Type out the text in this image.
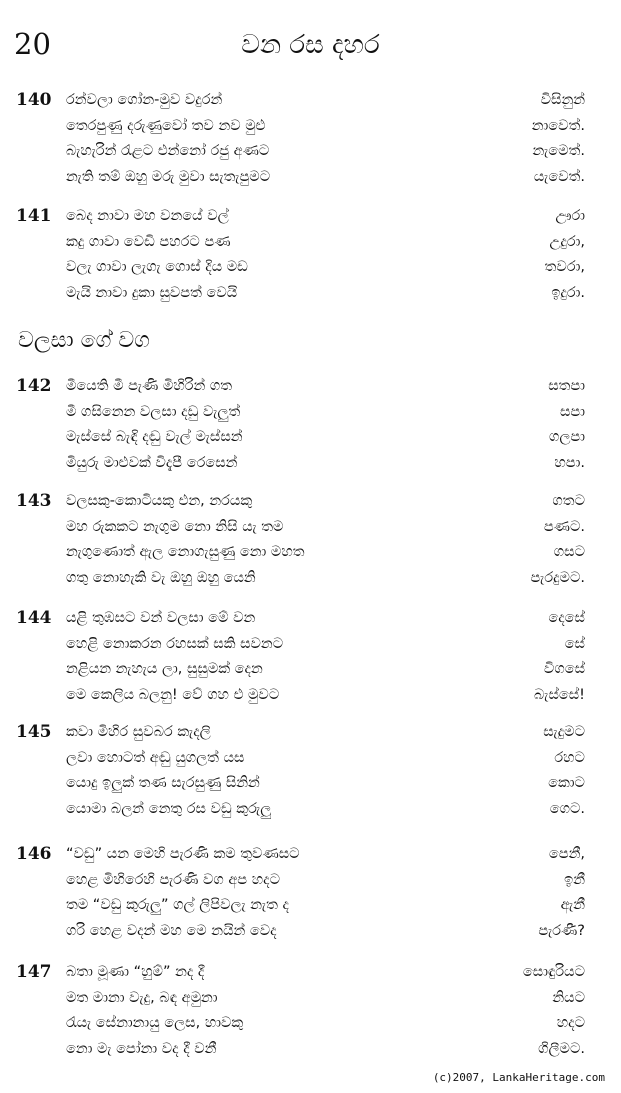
20	වන රස දහර
140 රන්වලා ගෝන-මුව වදුරන්	විසිනුන්
තෙරපුණු දරුණුවෝ තව නව මුළු	නාවෙත්.
බැහැරින් රැළට එන්නෝ රජු අණට	නැමෙත්.
නැති තම් ඔහු මරු මුවා සැතැපුමට	යැවෙත්.
141 බෙද නාවා මහ වනයේ වල්	ඌරා
කදු ගාවා වෙඩි පහරට පණ	උදුරා,
වලැ ගාවා ලැගැ ගොස් දිය මඩ	තවරා,
මැයි නාවා දුකා සුවපත් වෙයි	ඉදුරා.
වලසා ගේ වග
142 මීයෙති මී පැණි මිහිරින් ගත	සතපා
මී ගසිනෙන වලසා දඩු වැලුත්	සපා
මැස්සේ බැඳි දඬු වැල් මැස්සන්	ගලපා
මියුරු මාළුවක් විදැපී රෙසෙන්	හපා.
143 වලසකු-කොටියකු එන, නරයකු	ගතට
මහ රුකකට නැගුම නො නිසි යැ තම	පණට.
නැගුණොත් ඇල නොගැසුණු නො මහත	ගසට
ගතු නොහැකි වැ ඔහු ඔහු යෙනි	පැරදුමට.
144 යළි තුඹසට වන් වලසා මේ වන	දෙසේ
හෙළි නොකරන රහසක් සකි සවනට	සේ
නළියන නැහැය ලා, සුසුමක් දෙන	විගසේ
මෙ කෙලිය බලනු! වේ ගහ එ මුවට	බැස්සේ!
145 කවා මිහිර සුවබර කැදලි	සැදුමට
ලවා හොටත් අඬු යුගලත් යස	රහට
යොදු ඉලුක් තණ සැරසුණු සිනින්	කොට
යොමා බලන් නෙතු රස වඩු කුරුලු	ගෙට.
146 “වඩු” යන මෙහි පැරණි කම තුවණසට	පෙනී,
හෙළ මිහිරෙහි පැරණි වග අප හදට	ඉනී
තම “වඩු කුරුලු” ගල් ලිපිවලැ නැත ද	ඇනී
ගරි හෙළ වදන් මහ මෙ නයින් වෙද	පැරණී?
147 බතා මූණා “හුම්” නද දී	සොඳුරියට
මත මානා වැදු, බඳ අමුනා	නියට
රැයැ සේනානායු ලෙස, හාවකු	හදට
නො මැ පෝනා වද දී වනී	ගිලීමට.
(c)2007, LankaHeritage.com
